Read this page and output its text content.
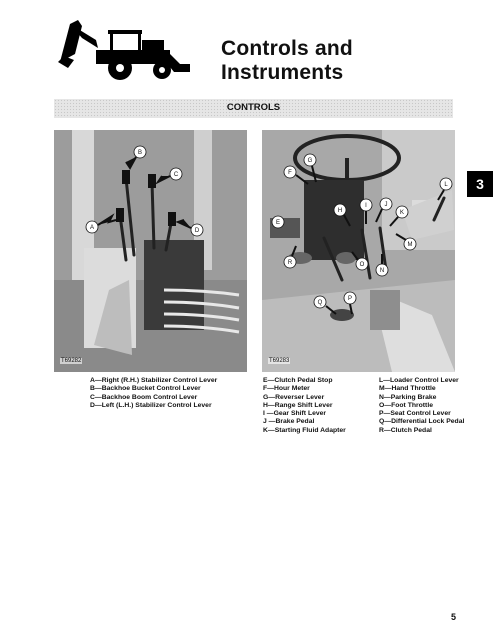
Controls and
Instruments
CONTROLS
A
B
C
D
T69282
E
F
G
H
I	J
K
L
M
N
O
P
Q
R
T69283
3
A—Right (R.H.) Stabilizer Control Lever
B—Backhoe Bucket Control Lever
C—Backhoe Boom Control Lever
D—Left (L.H.) Stabilizer Control Lever
E—Clutch Pedal Stop
F—Hour Meter
G—Reverser Lever
H—Range Shift Lever
I —Gear Shift Lever
J —Brake Pedal
K—Starting Fluid Adapter
L—Loader Control Lever
M—Hand Throttle
N—Parking Brake
O—Foot Throttle
P—Seat Control Lever
Q—Differential Lock Pedal
R—Clutch Pedal
5
